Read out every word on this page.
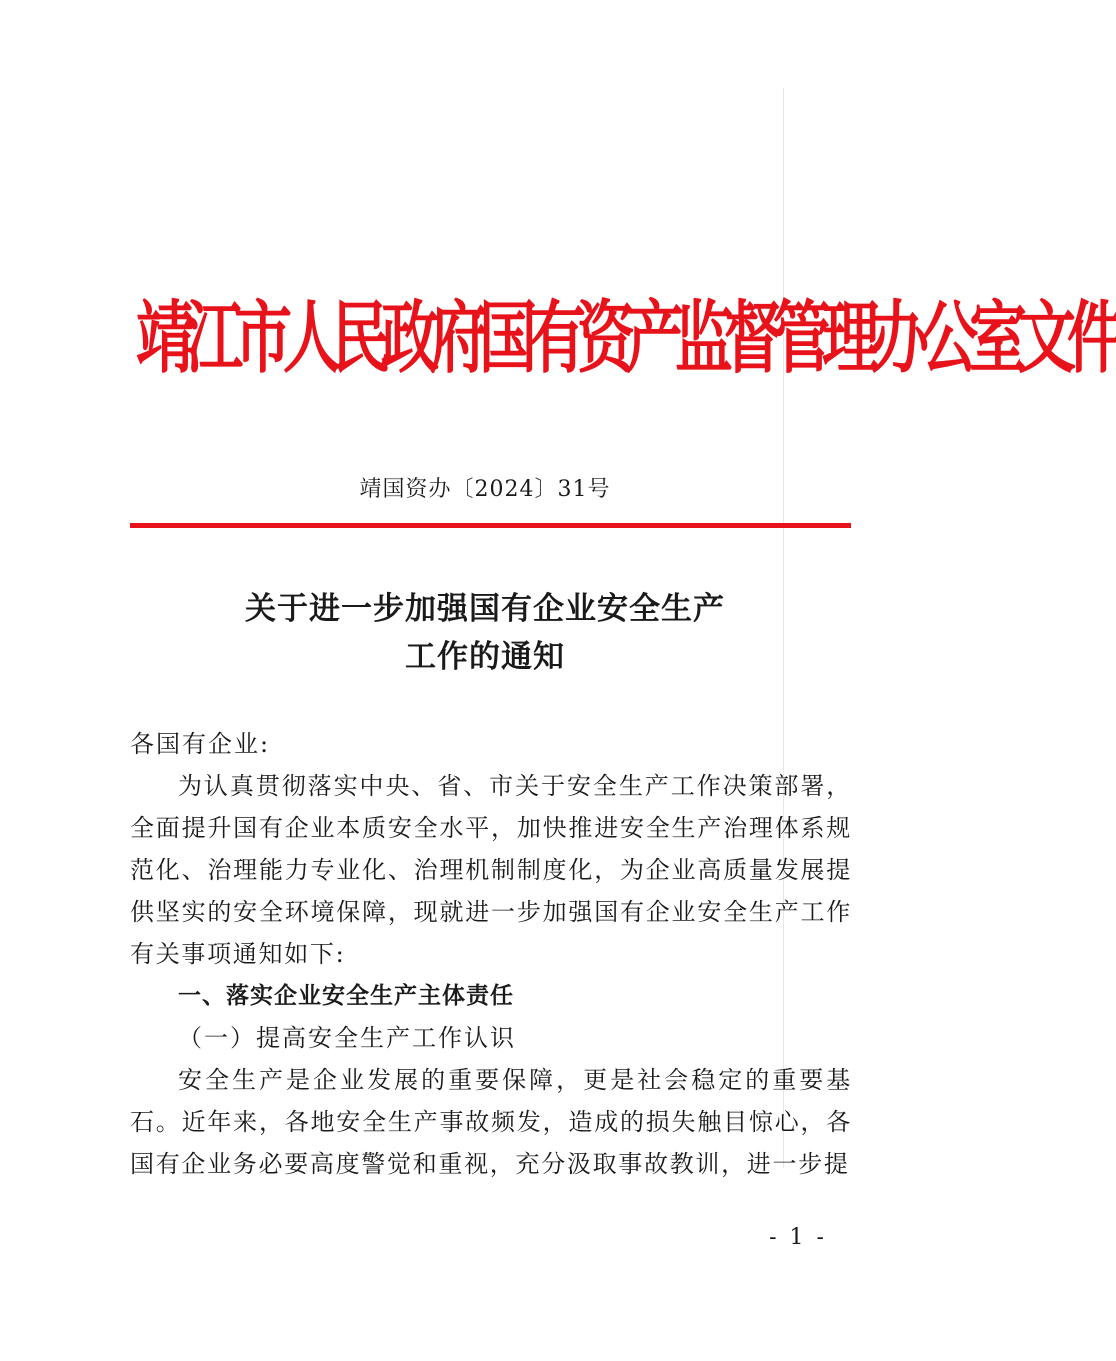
靖江市人民政府国有资产监督管理办公室文件
靖国资办〔2024〕31号
关于进一步加强国有企业安全生产
工作的通知

各国有企业:

为认真贯彻落实中央、省、市关于安全生产工作决策部署，全面提升国有企业本质安全水平，加快推进安全生产治理体系规范化、治理能力专业化、治理机制制度化，为企业高质量发展提供坚实的安全环境保障，现就进一步加强国有企业安全生产工作有关事项通知如下:

一、落实企业安全生产主体责任

（一）提高安全生产工作认识

安全生产是企业发展的重要保障，更是社会稳定的重要基石。近年来，各地安全生产事故频发，造成的损失触目惊心，各国有企业务必要高度警觉和重视，充分汲取事故教训，进一步提

- 1 -
